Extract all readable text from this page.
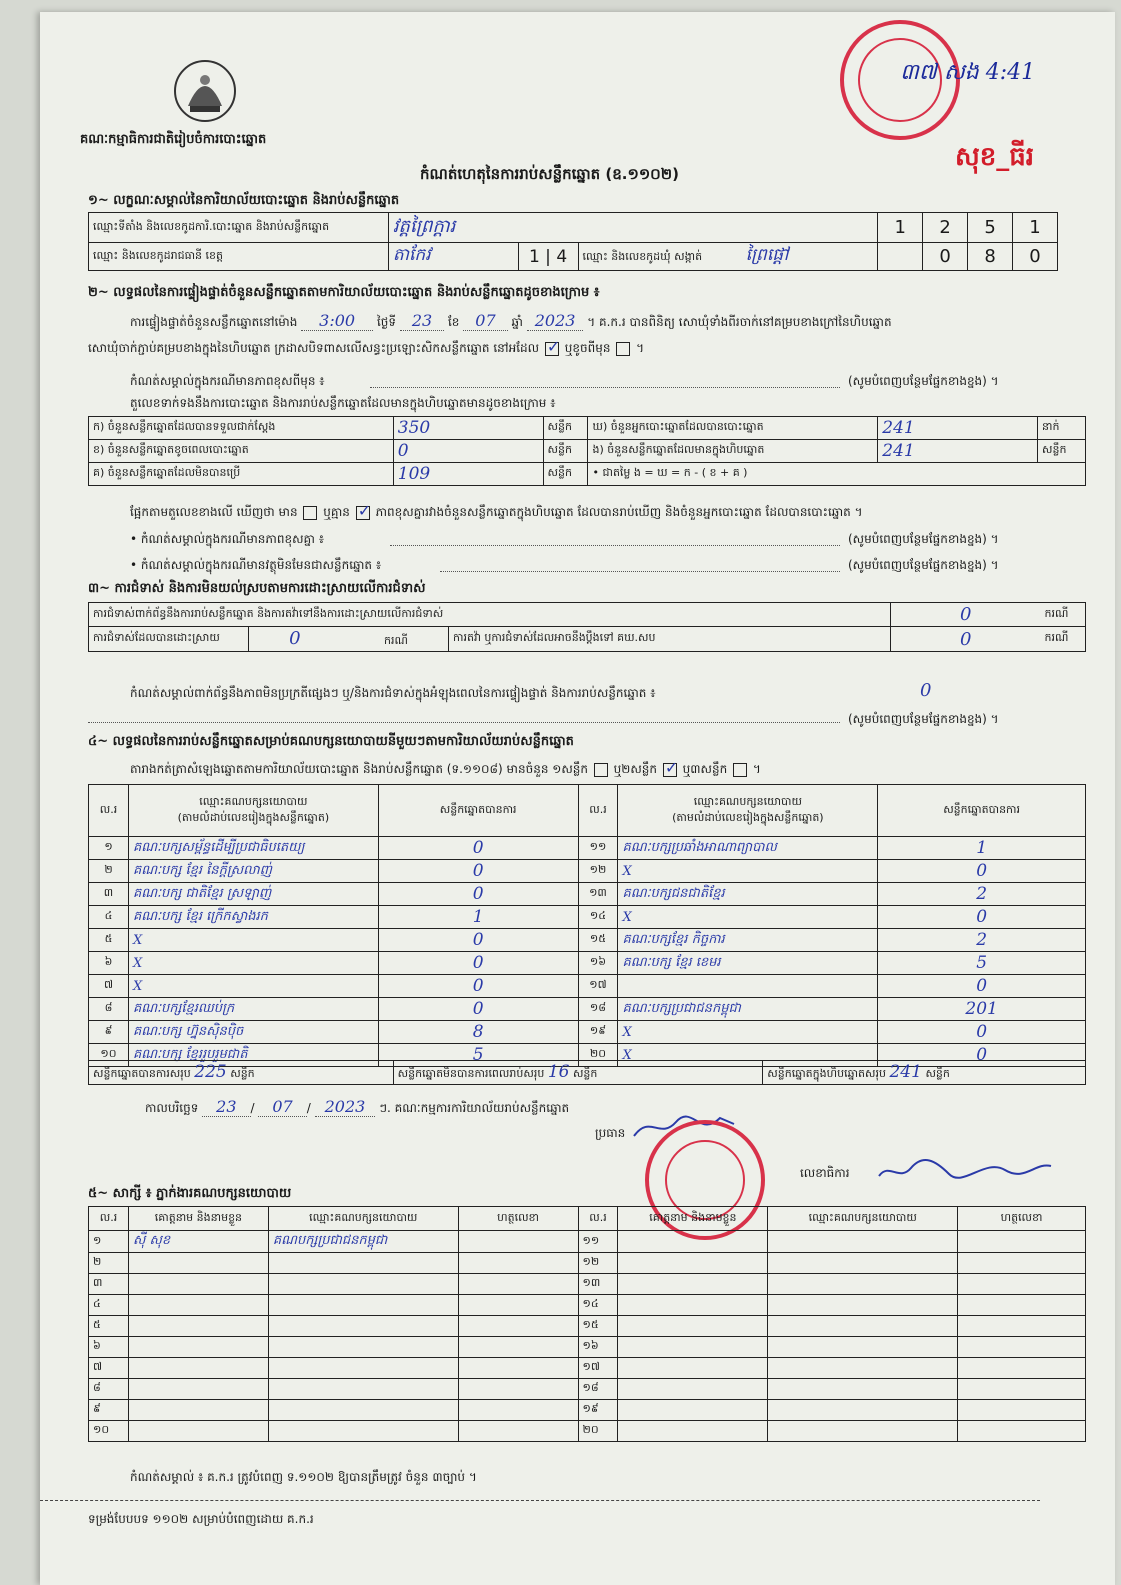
គណៈកម្មាធិការជាតិរៀបចំការបោះឆ្នោត
កំណត់ហេតុនៃការរាប់សន្លឹកឆ្នោត (ឧ.១១០២)
៣៧ សង 4:41
សុខ_ធីរ
១~ លក្ខណៈសម្គាល់នៃការិយាល័យបោះឆ្នោត និងរាប់សន្លឹកឆ្នោត
ឈ្មោះទីតាំង និងលេខកូដការិ.បោះឆ្នោត និងរាប់សន្លឹកឆ្នោត	វត្តព្រៃក្ដារ			1	2	5	1
ឈ្មោះ និងលេខកូដរាជធានី ខេត្ត	តាកែវ	1 | 4	ឈ្មោះ និងលេខកូដឃុំ សង្កាត់ ព្រៃផ្ដៅ		0	8	0
២~ លទ្ធផលនៃការផ្ទៀងផ្ទាត់ចំនួនសន្លឹកឆ្នោតតាមការិយាល័យបោះឆ្នោត និងរាប់សន្លឹកឆ្នោតដូចខាងក្រោម ៖
ការផ្ទៀងផ្ទាត់ចំនួនសន្លឹកឆ្នោតនៅម៉ោង 3:00 ថ្ងៃទី 23 ខែ 07 ឆ្នាំ 2023 ។ គ.ក.រ បានពិនិត្យ សោឃុំទាំងពីរចាក់នៅគម្របខាងក្រៅនៃហិបឆ្នោត
សោឃុំចាក់ភ្ជាប់គម្របខាងក្នុងនៃហិបឆ្នោត ក្រដាសបិទពាសលើសន្ធះប្រឡោះសិកសន្លឹកឆ្នោត នៅអដែល ✓ ឬខូចពីមុន  ។
កំណត់សម្គាល់ក្នុងករណីមានភាពខុសពីមុន ៖	(សូមបំពេញបន្ថែមផ្នែកខាងខ្នង) ។
តួលេខទាក់ទងនឹងការបោះឆ្នោត និងការរាប់សន្លឹកឆ្នោតដែលមានក្នុងហិបឆ្នោតមានដូចខាងក្រោម ៖
ក) ចំនួនសន្លឹកឆ្នោតដែលបានទទួលជាក់ស្ដែង	350	សន្លឹក	ឃ) ចំនួនអ្នកបោះឆ្នោតដែលបានបោះឆ្នោត	241	នាក់
ខ) ចំនួនសន្លឹកឆ្នោតខូចពេលបោះឆ្នោត	0	សន្លឹក	ង) ចំនួនសន្លឹកឆ្នោតដែលមានក្នុងហិបឆ្នោត	241	សន្លឹក
គ) ចំនួនសន្លឹកឆ្នោតដែលមិនបានប្រើ	109	សន្លឹក	• ជាតម្លៃ ង = ឃ = ក - ( ខ + គ )		
ផ្អែកតាមតួលេខខាងលើ ឃើញថា មាន ឬគ្មាន ✓ ភាពខុសគ្នារវាងចំនួនសន្លឹកឆ្នោតក្នុងហិបឆ្នោត ដែលបានរាប់ឃើញ និងចំនួនអ្នកបោះឆ្នោត ដែលបានបោះឆ្នោត ។
• កំណត់សម្គាល់ក្នុងករណីមានភាពខុសគ្នា ៖	(សូមបំពេញបន្ថែមផ្នែកខាងខ្នង) ។
• កំណត់សម្គាល់ក្នុងករណីមានវត្ថុមិនមែនជាសន្លឹកឆ្នោត ៖	(សូមបំពេញបន្ថែមផ្នែកខាងខ្នង) ។
៣~ ការជំទាស់ និងការមិនយល់ស្របតាមការដោះស្រាយលើការជំទាស់
ការជំទាស់ពាក់ព័ន្ធនឹងការរាប់សន្លឹកឆ្នោត និងការតវ៉ាទៅនឹងការដោះស្រាយលើការជំទាស់			0	ករណី
ការជំទាស់ដែលបានដោះស្រាយ	0 ករណី	ការតវ៉ា ឬការជំទាស់ដែលអាចនឹងប្ដឹងទៅ គឃ.សប	0	ករណី
កំណត់សម្គាល់ពាក់ព័ន្ធនឹងភាពមិនប្រក្រតីផ្សេងៗ ឬ/និងការជំទាស់ក្នុងអំឡុងពេលនៃការផ្ទៀងផ្ទាត់ និងការរាប់សន្លឹកឆ្នោត ៖	0
(សូមបំពេញបន្ថែមផ្នែកខាងខ្នង) ។
៤~ លទ្ធផលនៃការរាប់សន្លឹកឆ្នោតសម្រាប់គណបក្សនយោបាយនីមួយៗតាមការិយាល័យរាប់សន្លឹកឆ្នោត
តារាងកត់ត្រាសំឡេងឆ្នោតតាមការិយាល័យបោះឆ្នោត និងរាប់សន្លឹកឆ្នោត (ទ.១១០៨) មានចំនួន ១សន្លឹក ឬ២សន្លឹក ✓ ឬ៣សន្លឹក  ។
ល.រ	ឈ្មោះគណបក្សនយោបាយ
(តាមលំដាប់លេខរៀងក្នុងសន្លឹកឆ្នោត)	សន្លឹកឆ្នោតបានការ	ល.រ	ឈ្មោះគណបក្សនយោបាយ
(តាមលំដាប់លេខរៀងក្នុងសន្លឹកឆ្នោត)	សន្លឹកឆ្នោតបានការ
១	គណៈបក្សសម្ព័ន្ធដើម្បីប្រជាធិបតេយ្យ	0	១១	គណៈបក្សប្រឆាំងអាណាព្យាបាល	1
២	គណៈបក្ស ខ្មែរ នៃក្ដីស្រលាញ់	0	១២	X	0
៣	គណៈបក្ស ជាតិខ្មែរ ស្រឡាញ់	0	១៣	គណៈបក្សជនជាតិខ្មែរ	2
៤	គណៈបក្ស ខ្មែរ ក្រើកស្វាងរក	1	១៤	X	0
៥	X	0	១៥	គណៈបក្សខ្មែរ កិច្ចការ	2
៦	X	0	១៦	គណៈបក្ស ខ្មែរ ខេមរ	5
៧	X	0	១៧		0
៨	គណៈបក្សខ្មែរឈប់ក្រ	0	១៨	គណៈបក្សប្រជាជនកម្ពុជា	201
៩	គណៈបក្ស ហ្វ៊ុនស៊ិនប៉ិច	8	១៩	X	0
១០	គណៈបក្ស ខ្មែររួបរួមជាតិ	5	២០	X	0
សន្លឹកឆ្នោតបានការសរុប 225 សន្លឹក	សន្លឹកឆ្នោតមិនបានការពេលរាប់សរុប 16 សន្លឹក	សន្លឹកឆ្នោតក្នុងហិបឆ្នោតសរុប 241 សន្លឹក
កាលបរិច្ឆេទ 23 / 07 / 2023 ៗ. គណៈកម្មការការិយាល័យរាប់សន្លឹកឆ្នោត
ប្រធាន
លេខាធិការ
៥~ សាក្សី ៖ ភ្នាក់ងារគណបក្សនយោបាយ
ល.រ	គោត្តនាម និងនាមខ្លួន	ឈ្មោះគណបក្សនយោបាយ	ហត្ថលេខា	ល.រ	គោត្តនាម និងនាមខ្លួន	ឈ្មោះគណបក្សនយោបាយ	ហត្ថលេខា
១	ស៊ី សុខ	គណបក្សប្រជាជនកម្ពុជា		១១			
២				១២			
៣				១៣			
៤				១៤			
៥				១៥			
៦				១៦			
៧				១៧			
៨				១៨			
៩				១៩			
១០				២០			
កំណត់សម្គាល់ ៖ គ.ក.រ ត្រូវបំពេញ ទ.១១០២ ឱ្យបានត្រឹមត្រូវ ចំនួន ៣ច្បាប់ ។
ទម្រង់បែបបទ ១១០២ សម្រាប់បំពេញដោយ គ.ក.រ
